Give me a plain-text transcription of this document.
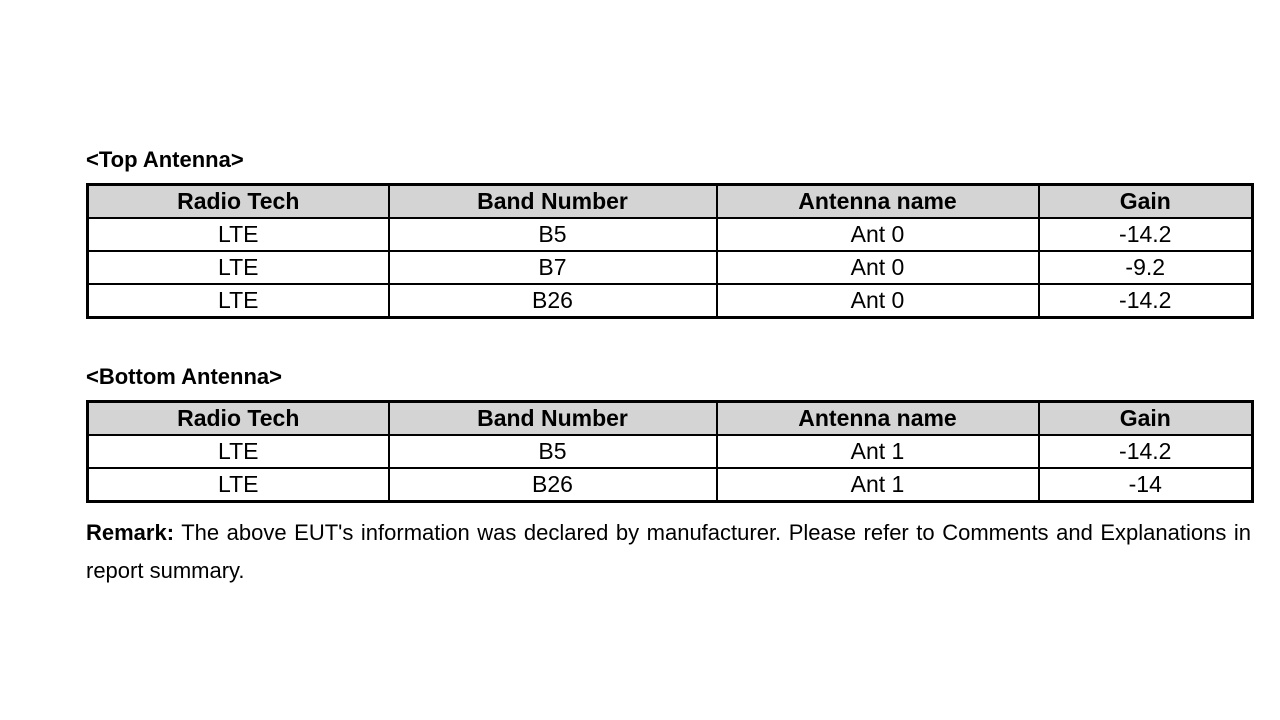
<Top Antenna>
Radio Tech	Band Number	Antenna name	Gain
LTE	B5	Ant 0	-14.2
LTE	B7	Ant 0	-9.2
LTE	B26	Ant 0	-14.2
<Bottom Antenna>
Radio Tech	Band Number	Antenna name	Gain
LTE	B5	Ant 1	-14.2
LTE	B26	Ant 1	-14

Remark: The above EUT's information was declared by manufacturer. Please refer to Comments and Explanations in report summary.
